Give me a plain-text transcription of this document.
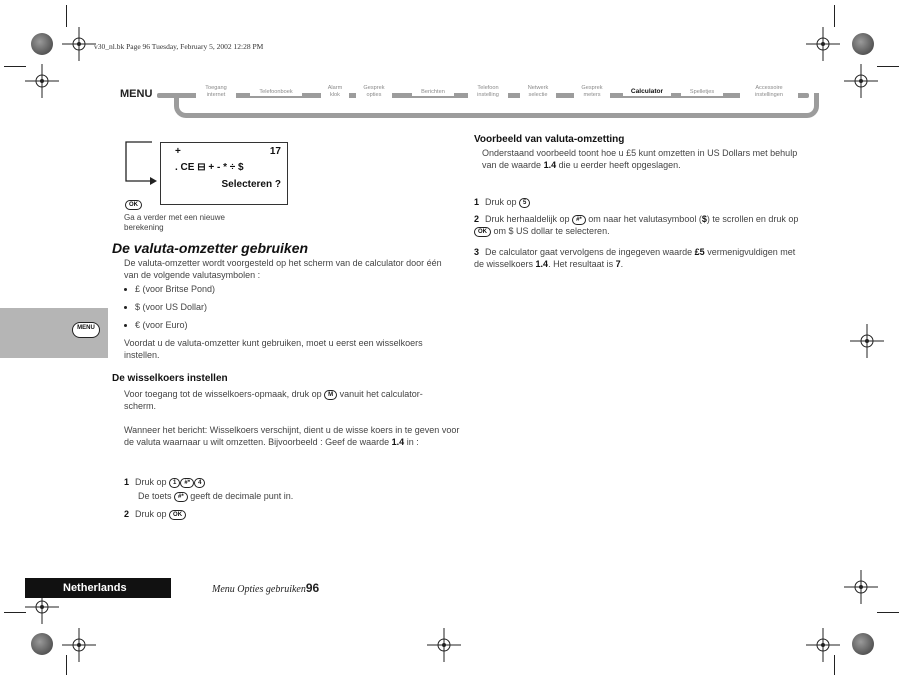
v30_nl.bk Page 96 Tuesday, February 5, 2002 12:28 PM
MENU	Toegang internet	Telefoonboek
Alarm klok
Gesprek opties	Berichten
Telefoon instelling
Netwerk selectie
Gesprek meters	Calculator	Spelletjes
Accessoire instellingen
+	17
. CE ⊟ + - * ÷ $
Selecteren ?
OK
Ga a verder met een nieuwe berekening
De valuta-omzetter gebruiken
De valuta-omzetter wordt voorgesteld op het scherm van de calculator door één van de volgende valutasymbolen :
£ (voor Britse Pond)
$ (voor US Dollar)
€ (voor Euro)
Voordat u de valuta-omzetter kunt gebruiken, moet u eerst een wisselkoers instellen.
De wisselkoers instellen
Voor toegang tot de wisselkoers-opmaak, druk op M vanuit het calculator-scherm.
Wanneer het bericht: Wisselkoers verschijnt, dient u de wisse koers in te geven voor de valuta waarnaar u wilt omzetten. Bijvoorbeeld : Geef de waarde 1.4 in :
1 Druk op 1 #* 4
De toets #* geeft de decimale punt in.
2 Druk op OK
Voorbeeld van valuta-omzetting
Onderstaand voorbeeld toont hoe u £5 kunt omzetten in US Dollars met behulp van de waarde 1.4 die u eerder heeft opgeslagen.
1 Druk op 5
2 Druk herhaaldelijk op #* om naar het valutasymbool ($) te scrollen en druk op OK om $ US dollar te selecteren.
3 De calculator gaat vervolgens de ingegeven waarde £5 vermenigvuldigen met de wisselkoers 1.4. Het resultaat is 7.
MENU
Netherlands	Menu Opties gebruiken96
